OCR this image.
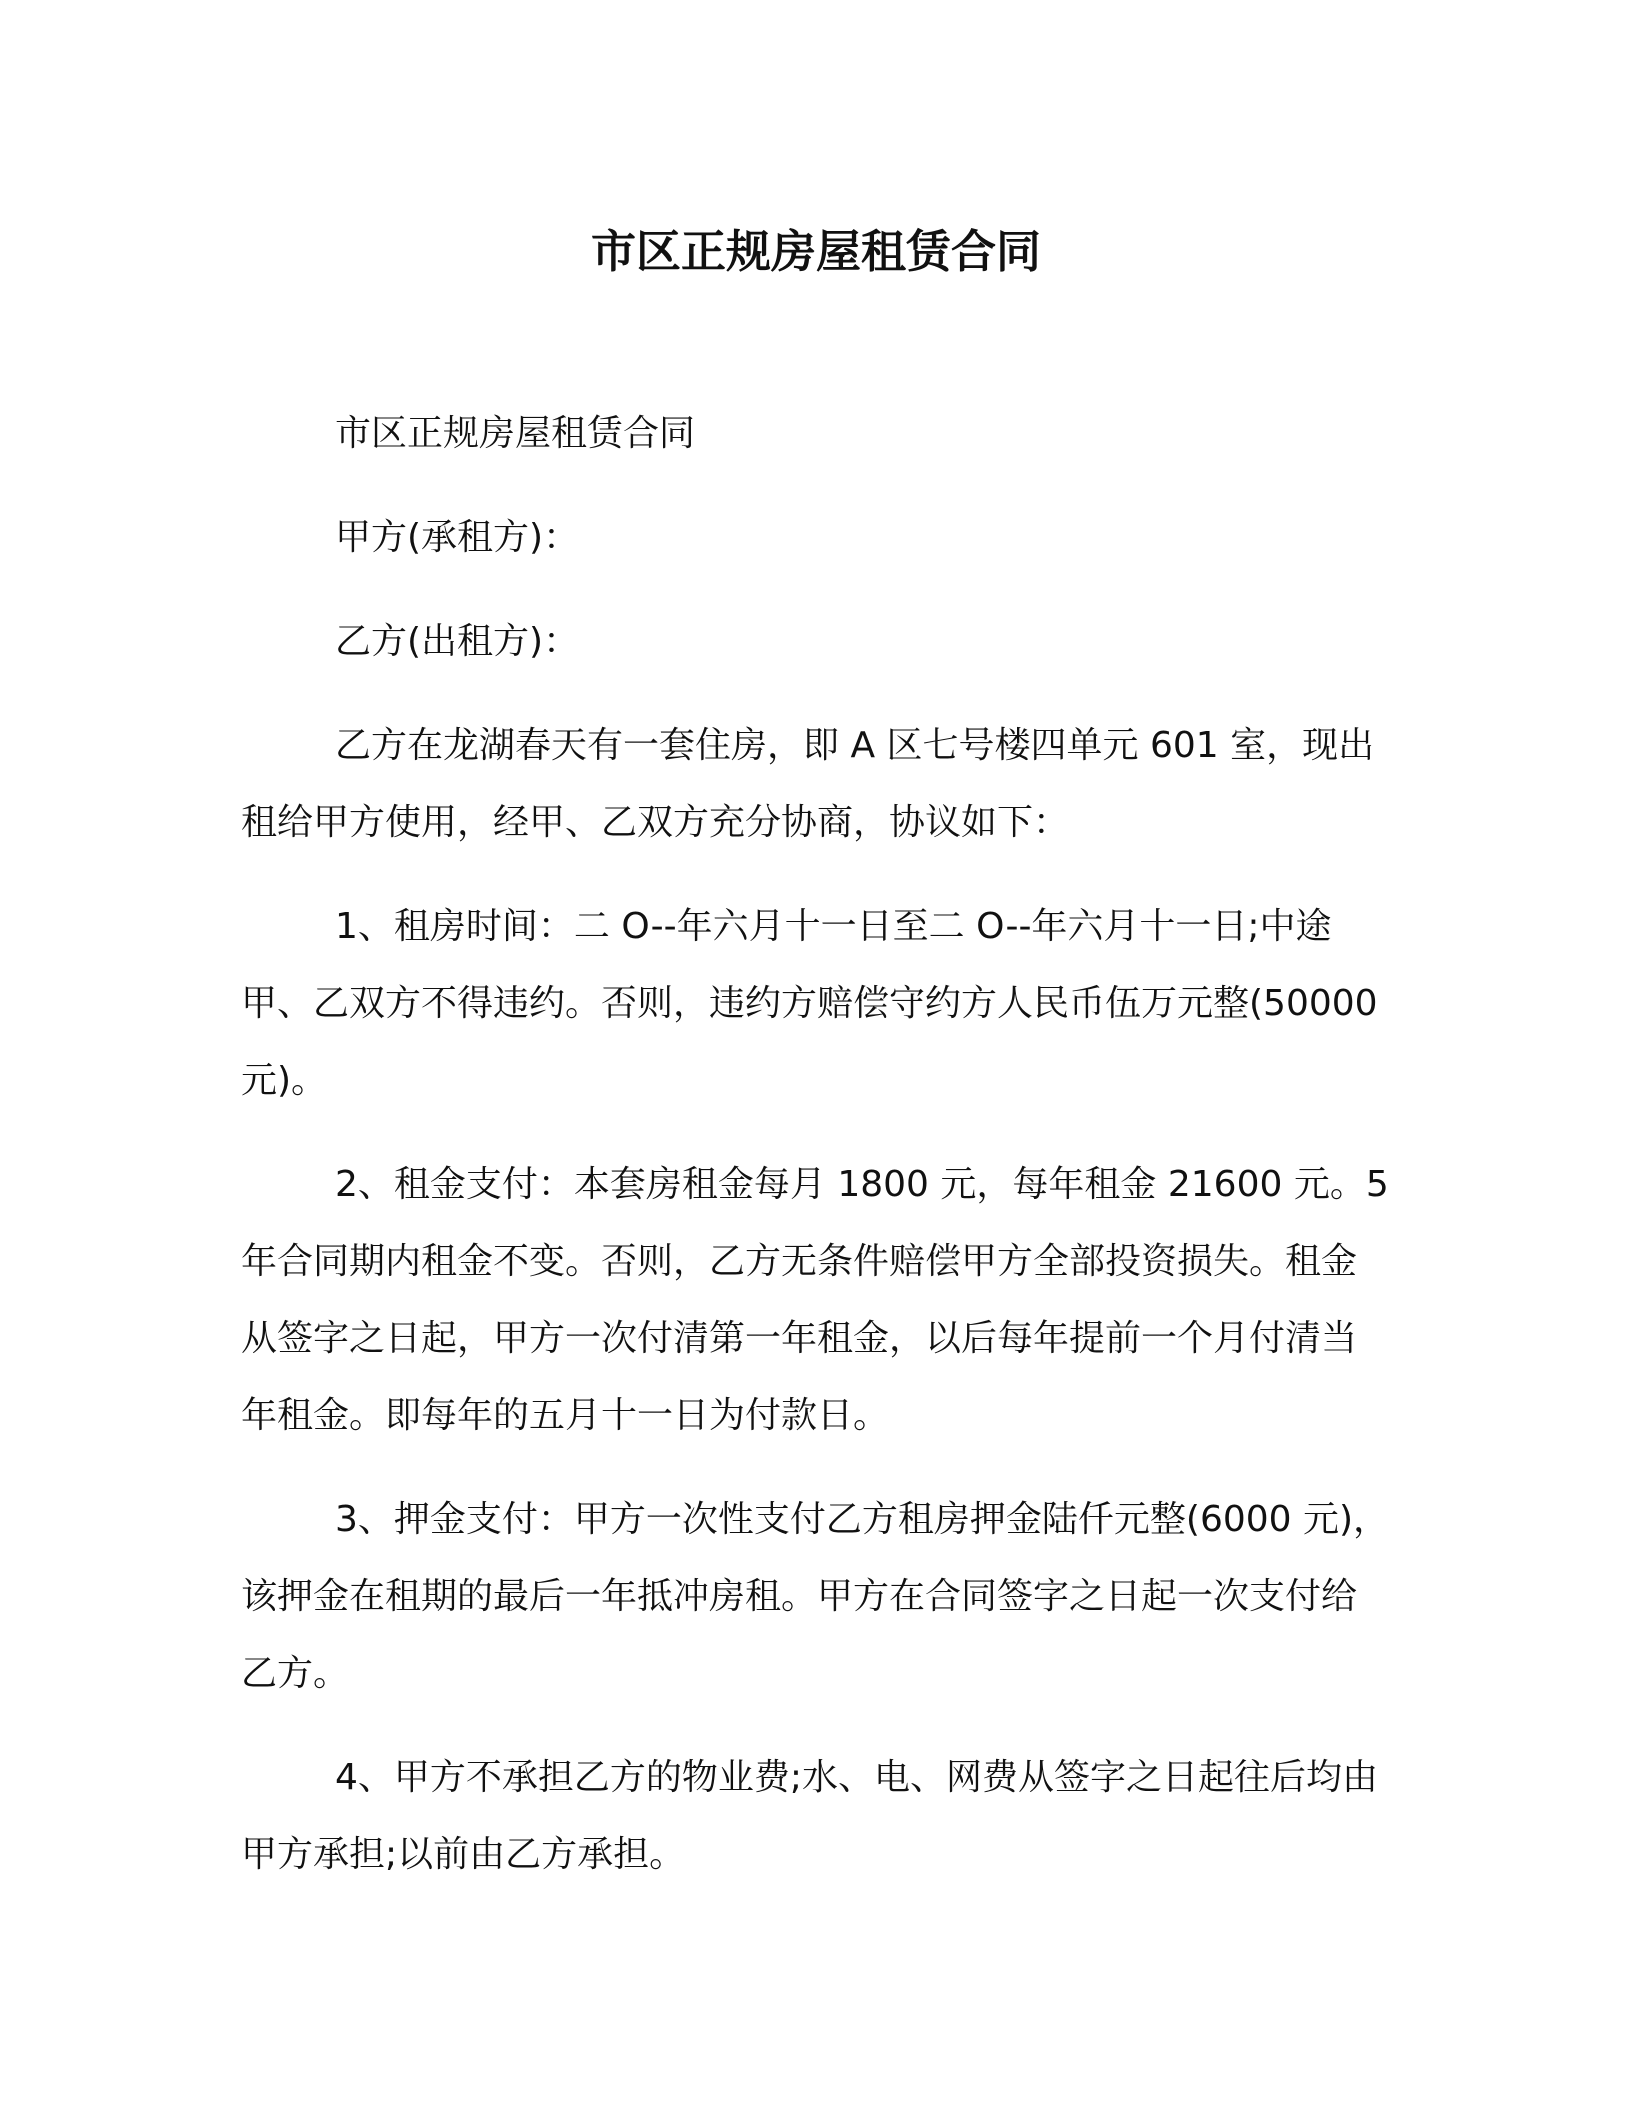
市区正规房屋租赁合同

市区正规房屋租赁合同

甲方(承租方)：

乙方(出租方)：

乙方在龙湖春天有一套住房，即 A 区七号楼四单元 601 室，现出租给甲方使用，经甲、乙双方充分协商，协议如下：

1、租房时间：二 O--年六月十一日至二 O--年六月十一日;中途甲、乙双方不得违约。否则，违约方赔偿守约方人民币伍万元整(50000 元)。

2、租金支付：本套房租金每月 1800 元，每年租金 21600 元。5 年合同期内租金不变。否则，乙方无条件赔偿甲方全部投资损失。租金从签字之日起，甲方一次付清第一年租金，以后每年提前一个月付清当年租金。即每年的五月十一日为付款日。

3、押金支付：甲方一次性支付乙方租房押金陆仟元整(6000 元)，该押金在租期的最后一年抵冲房租。甲方在合同签字之日起一次支付给乙方。

4、甲方不承担乙方的物业费;水、电、网费从签字之日起往后均由甲方承担;以前由乙方承担。
